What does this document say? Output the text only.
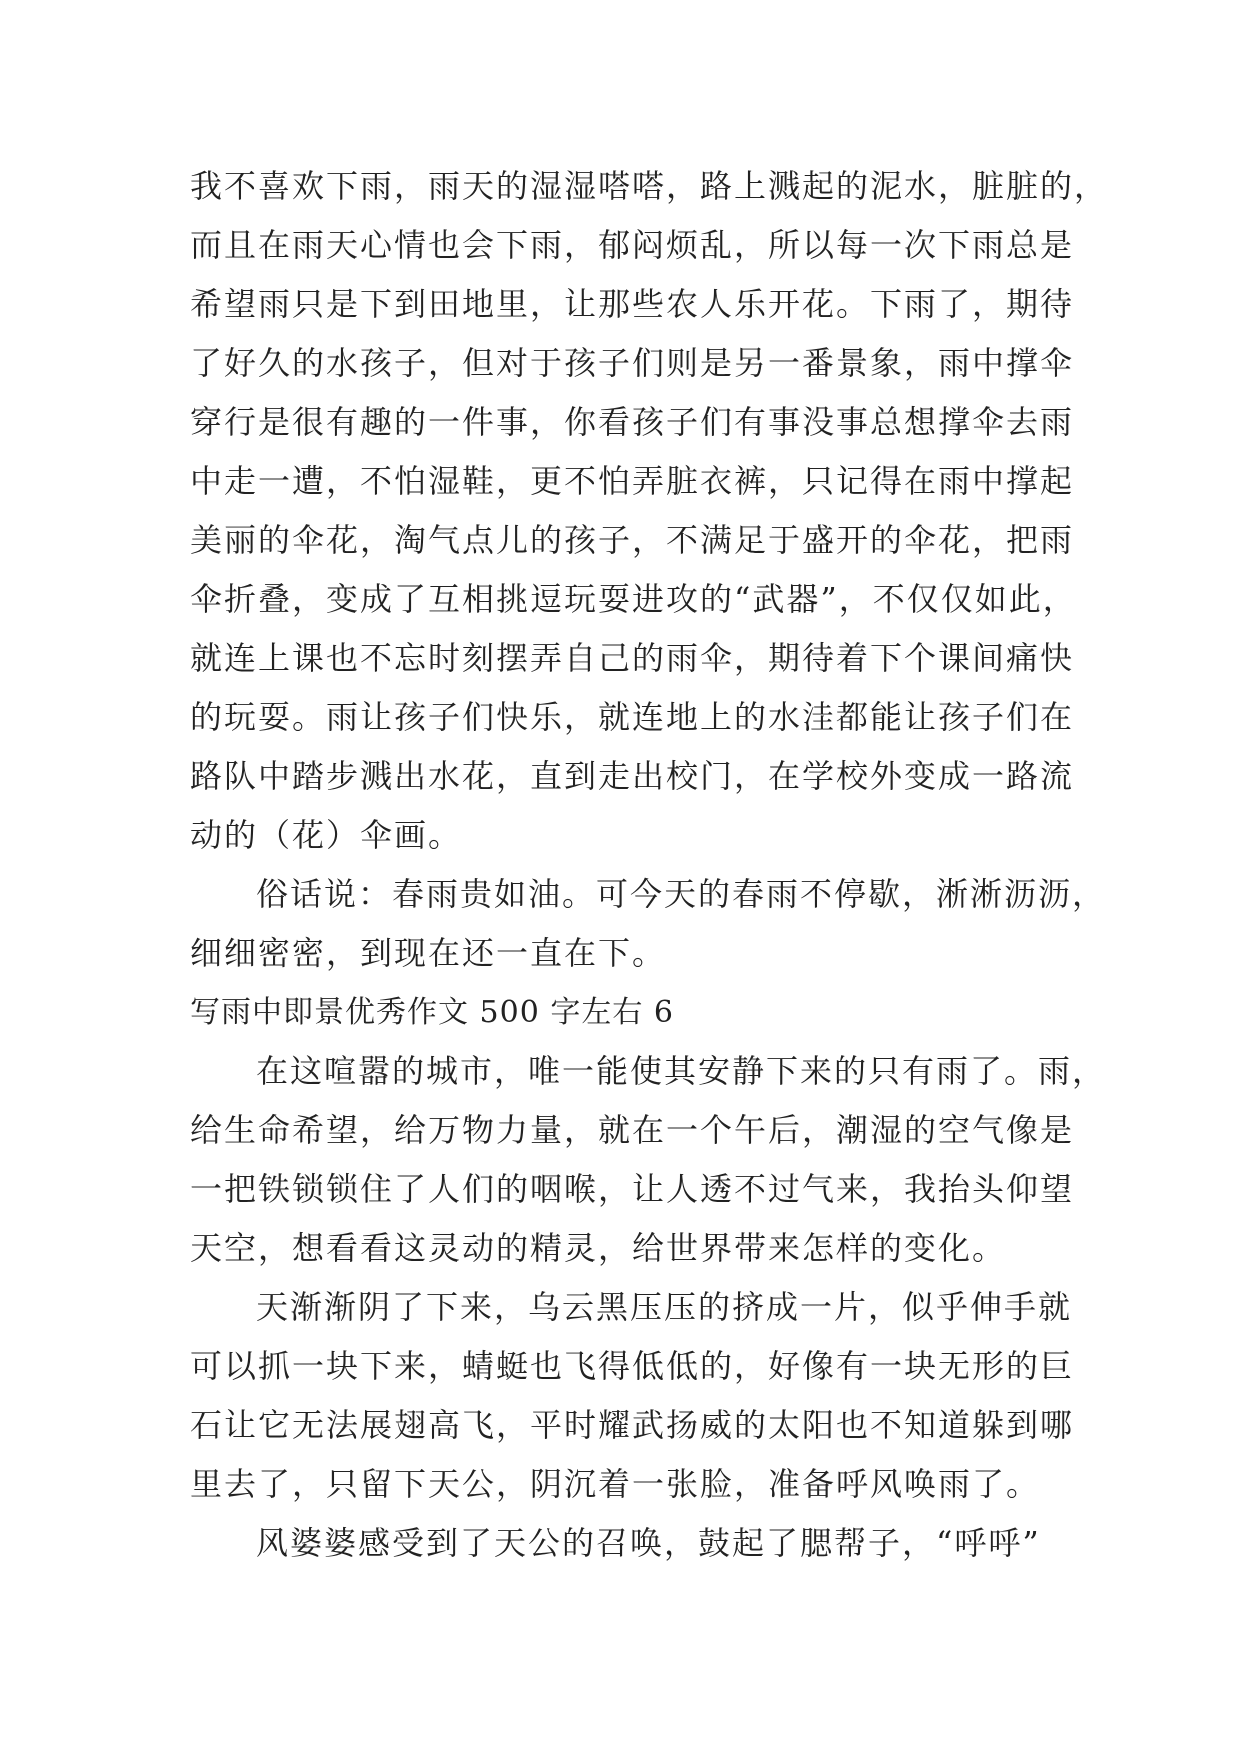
我不喜欢下雨，雨天的湿湿嗒嗒，路上溅起的泥水，脏脏的，
而且在雨天心情也会下雨，郁闷烦乱，所以每一次下雨总是
希望雨只是下到田地里，让那些农人乐开花。下雨了，期待
了好久的水孩子，但对于孩子们则是另一番景象，雨中撑伞
穿行是很有趣的一件事，你看孩子们有事没事总想撑伞去雨
中走一遭，不怕湿鞋，更不怕弄脏衣裤，只记得在雨中撑起
美丽的伞花，淘气点儿的孩子，不满足于盛开的伞花，把雨
伞折叠，变成了互相挑逗玩耍进攻的“武器”，不仅仅如此，
就连上课也不忘时刻摆弄自己的雨伞，期待着下个课间痛快
的玩耍。雨让孩子们快乐，就连地上的水洼都能让孩子们在
路队中踏步溅出水花，直到走出校门，在学校外变成一路流
动的（花）伞画。
俗话说：春雨贵如油。可今天的春雨不停歇，淅淅沥沥，
细细密密，到现在还一直在下。
写雨中即景优秀作文 500 字左右 6
在这喧嚣的城市，唯一能使其安静下来的只有雨了。雨，
给生命希望，给万物力量，就在一个午后，潮湿的空气像是
一把铁锁锁住了人们的咽喉，让人透不过气来，我抬头仰望
天空，想看看这灵动的精灵，给世界带来怎样的变化。
天渐渐阴了下来，乌云黑压压的挤成一片，似乎伸手就
可以抓一块下来，蜻蜓也飞得低低的，好像有一块无形的巨
石让它无法展翅高飞，平时耀武扬威的太阳也不知道躲到哪
里去了，只留下天公，阴沉着一张脸，准备呼风唤雨了。
风婆婆感受到了天公的召唤，鼓起了腮帮子，“呼呼”
